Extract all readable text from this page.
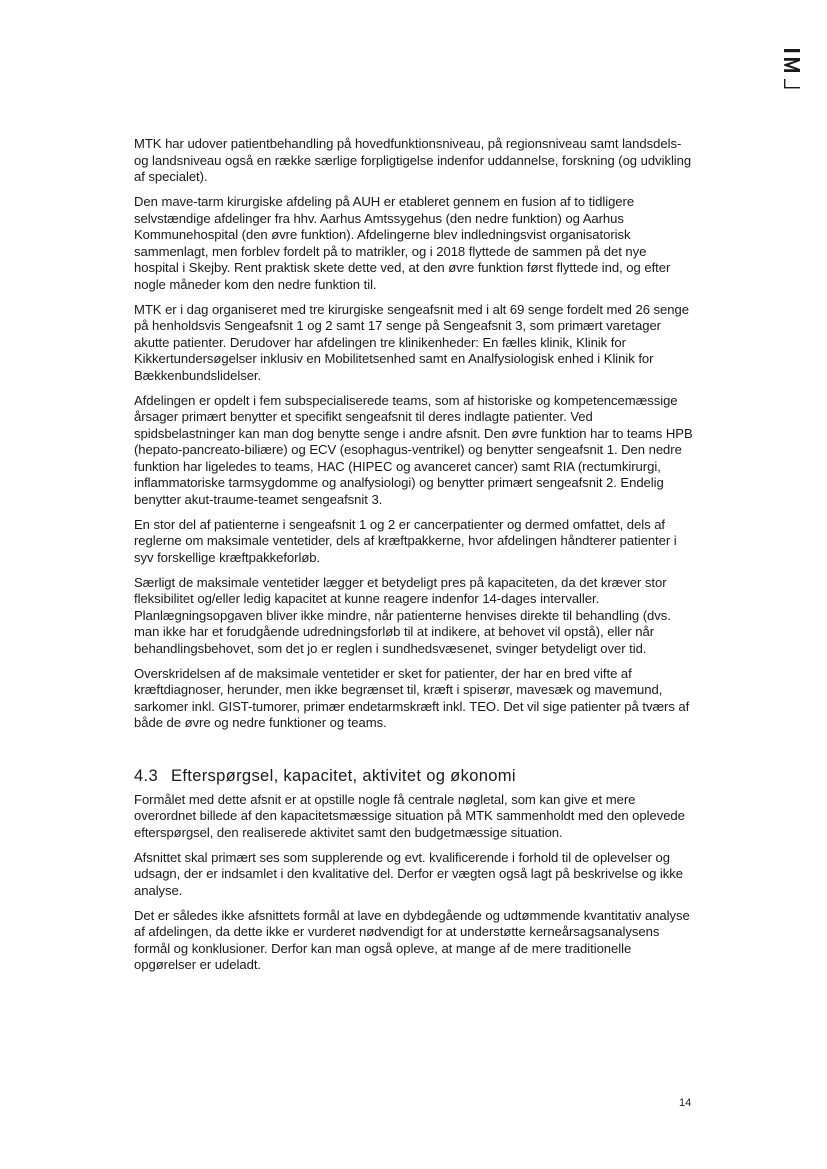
MTK har udover patientbehandling på hovedfunktionsniveau, på regionsniveau samt landsdels- og landsniveau også en række særlige forpligtigelse indenfor uddannelse, forskning (og udvikling af specialet).

Den mave-tarm kirurgiske afdeling på AUH er etableret gennem en fusion af to tidligere selvstændige afdelinger fra hhv. Aarhus Amtssygehus (den nedre funktion) og Aarhus Kommunehospital (den øvre funktion). Afdelingerne blev indledningsvist organisatorisk sammenlagt, men forblev fordelt på to matrikler, og i 2018 flyttede de sammen på det nye hospital i Skejby. Rent praktisk skete dette ved, at den øvre funktion først flyttede ind, og efter nogle måneder kom den nedre funktion til.

MTK er i dag organiseret med tre kirurgiske sengeafsnit med i alt 69 senge fordelt med 26 senge på henholdsvis Sengeafsnit 1 og 2 samt 17 senge på Sengeafsnit 3, som primært varetager akutte patienter. Derudover har afdelingen tre klinikenheder: En fælles klinik, Klinik for Kikkertundersøgelser inklusiv en Mobilitetsenhed samt en Analfysiologisk enhed i Klinik for Bækkenbundslidelser.

Afdelingen er opdelt i fem subspecialiserede teams, som af historiske og kompetencemæssige årsager primært benytter et specifikt sengeafsnit til deres indlagte patienter. Ved spidsbelastninger kan man dog benytte senge i andre afsnit. Den øvre funktion har to teams HPB (hepato-pancreato-biliære) og ECV (esophagus-ventrikel) og benytter sengeafsnit 1. Den nedre funktion har ligeledes to teams, HAC (HIPEC og avanceret cancer) samt RIA (rectumkirurgi, inflammatoriske tarmsygdomme og analfysiologi) og benytter primært sengeafsnit 2. Endelig benytter akut-traume-teamet sengeafsnit 3.

En stor del af patienterne i sengeafsnit 1 og 2 er cancerpatienter og dermed omfattet, dels af reglerne om maksimale ventetider, dels af kræftpakkerne, hvor afdelingen håndterer patienter i syv forskellige kræftpakkeforløb.

Særligt de maksimale ventetider lægger et betydeligt pres på kapaciteten, da det kræver stor fleksibilitet og/eller ledig kapacitet at kunne reagere indenfor 14-dages intervaller. Planlægningsopgaven bliver ikke mindre, når patienterne henvises direkte til behandling (dvs. man ikke har et forudgående udredningsforløb til at indikere, at behovet vil opstå), eller når behandlingsbehovet, som det jo er reglen i sundhedsvæsenet, svinger betydeligt over tid.

Overskridelsen af de maksimale ventetider er sket for patienter, der har en bred vifte af kræftdiagnoser, herunder, men ikke begrænset til, kræft i spiserør, mavesæk og mavemund, sarkomer inkl. GIST-tumorer, primær endetarmskræft inkl. TEO. Det vil sige patienter på tværs af både de øvre og nedre funktioner og teams.

4.3 Efterspørgsel, kapacitet, aktivitet og økonomi

Formålet med dette afsnit er at opstille nogle få centrale nøgletal, som kan give et mere overordnet billede af den kapacitetsmæssige situation på MTK sammenholdt med den oplevede efterspørgsel, den realiserede aktivitet samt den budgetmæssige situation.

Afsnittet skal primært ses som supplerende og evt. kvalificerende i forhold til de oplevelser og udsagn, der er indsamlet i den kvalitative del. Derfor er vægten også lagt på beskrivelse og ikke analyse.

Det er således ikke afsnittets formål at lave en dybdegående og udtømmende kvantitativ analyse af afdelingen, da dette ikke er vurderet nødvendigt for at understøtte kerneårsagsanalysens formål og konklusioner. Derfor kan man også opleve, at mange af de mere traditionelle opgørelser er udeladt.

14
